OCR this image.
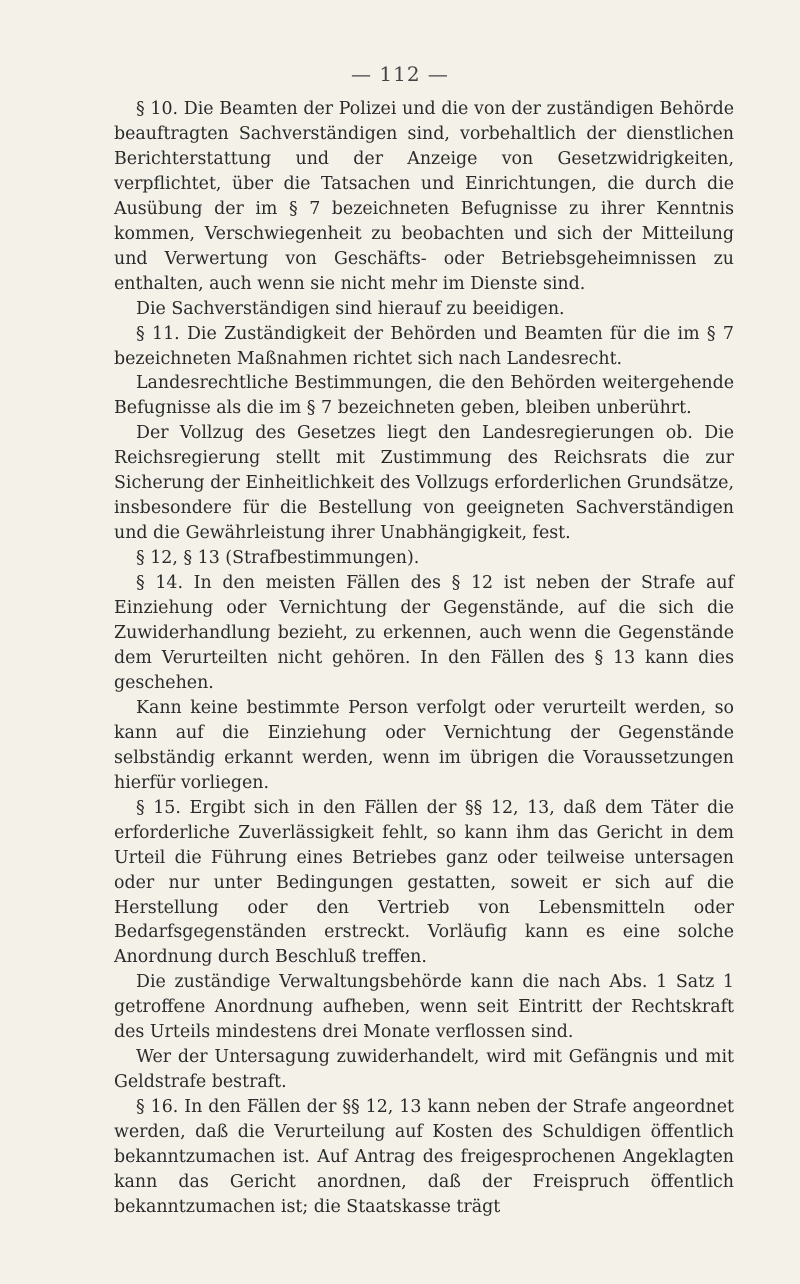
— 112 —

§ 10. Die Beamten der Polizei und die von der zuständigen Behörde beauftragten Sachverständigen sind, vorbehaltlich der dienstlichen Berichterstattung und der Anzeige von Gesetzwidrigkeiten, verpflichtet, über die Tatsachen und Einrichtungen, die durch die Ausübung der im § 7 bezeichneten Befugnisse zu ihrer Kenntnis kommen, Verschwiegenheit zu beobachten und sich der Mitteilung und Verwertung von Geschäfts- oder Betriebsgeheimnissen zu enthalten, auch wenn sie nicht mehr im Dienste sind.

Die Sachverständigen sind hierauf zu beeidigen.

§ 11. Die Zuständigkeit der Behörden und Beamten für die im § 7 bezeichneten Maßnahmen richtet sich nach Landesrecht.

Landesrechtliche Bestimmungen, die den Behörden weitergehende Befugnisse als die im § 7 bezeichneten geben, bleiben unberührt.

Der Vollzug des Gesetzes liegt den Landesregierungen ob. Die Reichsregierung stellt mit Zustimmung des Reichsrats die zur Sicherung der Einheitlichkeit des Vollzugs erforderlichen Grundsätze, insbesondere für die Bestellung von geeigneten Sachverständigen und die Gewährleistung ihrer Unabhängigkeit, fest.

§ 12, § 13 (Strafbestimmungen).

§ 14. In den meisten Fällen des § 12 ist neben der Strafe auf Einziehung oder Vernichtung der Gegenstände, auf die sich die Zuwiderhandlung bezieht, zu erkennen, auch wenn die Gegenstände dem Verurteilten nicht gehören. In den Fällen des § 13 kann dies geschehen.

Kann keine bestimmte Person verfolgt oder verurteilt werden, so kann auf die Einziehung oder Vernichtung der Gegenstände selbständig erkannt werden, wenn im übrigen die Voraussetzungen hierfür vorliegen.

§ 15. Ergibt sich in den Fällen der §§ 12, 13, daß dem Täter die erforderliche Zuverlässigkeit fehlt, so kann ihm das Gericht in dem Urteil die Führung eines Betriebes ganz oder teilweise untersagen oder nur unter Bedingungen gestatten, soweit er sich auf die Herstellung oder den Vertrieb von Lebensmitteln oder Bedarfsgegenständen erstreckt. Vorläufig kann es eine solche Anordnung durch Beschluß treffen.

Die zuständige Verwaltungsbehörde kann die nach Abs. 1 Satz 1 getroffene Anordnung aufheben, wenn seit Eintritt der Rechtskraft des Urteils mindestens drei Monate verflossen sind.

Wer der Untersagung zuwiderhandelt, wird mit Gefängnis und mit Geldstrafe bestraft.

§ 16. In den Fällen der §§ 12, 13 kann neben der Strafe angeordnet werden, daß die Verurteilung auf Kosten des Schuldigen öffentlich bekanntzumachen ist. Auf Antrag des freigesprochenen Angeklagten kann das Gericht anordnen, daß der Freispruch öffentlich bekanntzumachen ist; die Staatskasse trägt
